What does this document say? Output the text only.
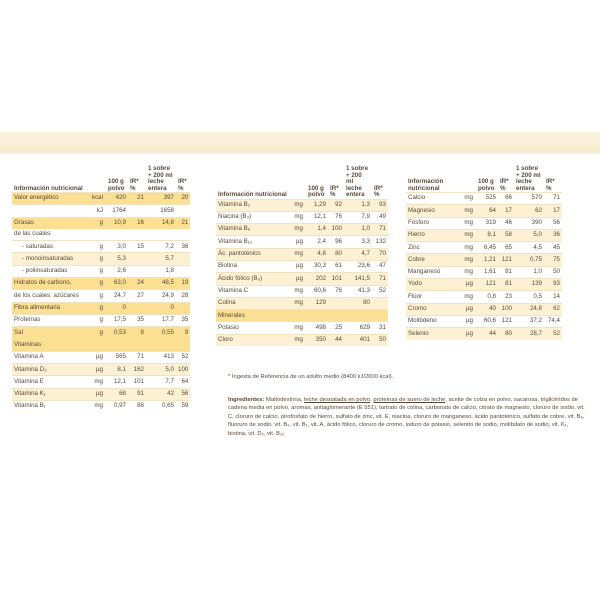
Información nutricional		100 g polvo	IR* %	1 sobre + 200 ml leche entera	IR* %
Valor energético	kcal	420	21	397	20
	kJ	1764		1658	
Grasas	g	10,9	16	14,8	21
de las cuales:					
- saturadas	g	3,0	15	7,2	36
- monoinsaturadas	g	5,3		5,7	
- poliinsaturadas	g	2,6		1,8	
Hidratos de carbono,	g	63,0	24	48,5	19
de los cuales: azúcares	g	24,7	27	24,9	28
Fibra alimentaria	g	0		0	
Proteínas	g	17,5	35	17,7	35
Sal	g	0,53	8	0,55	9
Vitaminas					
Vitamina A	µg	565	71	413	52
Vitamina D₃	µg	8,1	162	5,0	100
Vitamina E	mg	12,1	101	7,7	64
Vitamina K₁	µg	68	91	42	56
Vitamina B₁	mg	0,97	88	0,65	59
Información nutricional		100 g polvo	IR* %	1 sobre + 200 ml leche entera	IR* %
Vitamina B₂	mg	1,29	92	1,3	93
Niacina (B₃)	mg	12,1	76	7,9	49
Vitamina B₆	mg	1,4	100	1,0	71
Vitamina B₁₂	µg	2,4	96	3,3	132
Ác. pantoténico	mg	4,8	80	4,7	70
Biotina	µg	30,3	61	23,6	47
Ácido fólico (B₉)	µg	202	101	141,5	71
Vitamina C	mg	60,6	76	41,3	52
Colina	mg	129		80	
Minerales					
Potasio	mg	498	25	629	31
Cloro	mg	350	44	401	50
Información nutricional		100 g polvo	IR* %	1 sobre + 200 ml leche entera	IR* %
Calcio	mg	525	66	570	71
Magnesio	mg	64	17	62	17
Fósforo	mg	319	46	390	56
Hierro	mg	8,1	58	5,0	36
Zinc	mg	6,45	65	4,5	45
Cobre	mg	1,21	121	0,75	75
Manganeso	mg	1,61	81	1,0	50
Yodo	µg	121	81	139	93
Flúor	mg	0,8	23	0,5	14
Cromo	µg	40	100	24,8	62
Molibdeno	µg	60,6	121	37,2	74,4
Selenio	µg	44	80	28,7	52
* Ingesta de Referencia de un adulto medio (8400 kJ/2000 kcal).
Ingredientes: Maltodextrina, leche desnatada en polvo, proteínas de suero de leche, aceite de colza en polvo, sacarosa, triglicéridos de cadena media en polvo, aromas, antiaglomerante (E 551), tartrato de colina, carbonato de calcio, citrato de magnesio, cloruro de sodio, vit. C, cloruro de calcio, pirofosfato de hierro, sulfato de zinc, vit. E, niacina, cloruro de manganeso, ácido pantoténico, sulfato de cobre, vit. B₆, fluoruro de sodio, vit. B₂, vit. B₁, vit. A, ácido fólico, cloruro de cromo, ioduro de potasio, selenito de sodio, molibdato de sodio, vit. K₁, biotina, vit. D₃, vit. B₁₂
